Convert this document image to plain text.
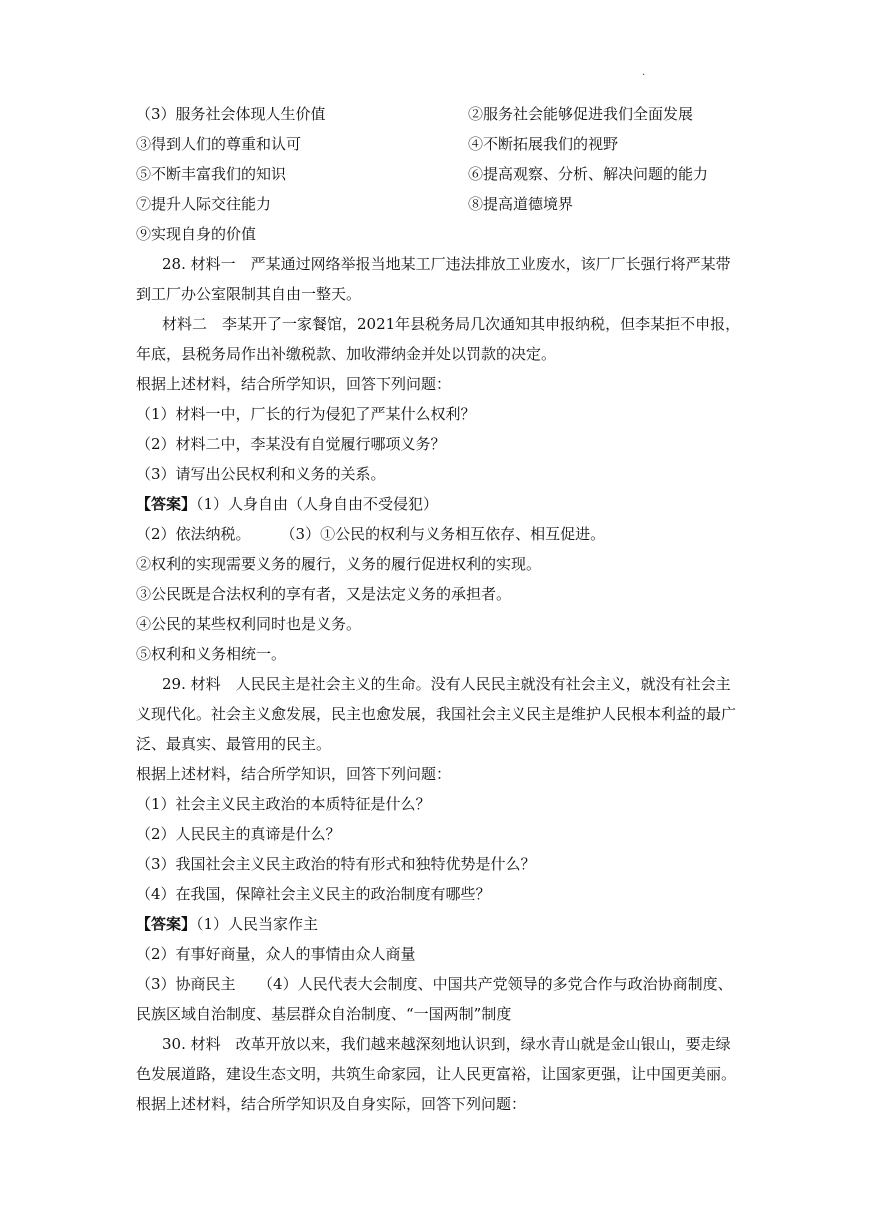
·
（3）服务社会体现人生价值	②服务社会能够促进我们全面发展
③得到人们的尊重和认可	④不断拓展我们的视野
⑤不断丰富我们的知识	⑥提高观察、分析、解决问题的能力
⑦提升人际交往能力	⑧提高道德境界
⑨实现自身的价值
28. 材料一　严某通过网络举报当地某工厂违法排放工业废水，该厂厂长强行将严某带
到工厂办公室限制其自由一整天。
材料二　李某开了一家餐馆，2021年县税务局几次通知其申报纳税，但李某拒不申报，
年底，县税务局作出补缴税款、加收滞纳金并处以罚款的决定。
根据上述材料，结合所学知识，回答下列问题：
（1）材料一中，厂长的行为侵犯了严某什么权利？
（2）材料二中，李某没有自觉履行哪项义务？
（3）请写出公民权利和义务的关系。
【答案】（1）人身自由（人身自由不受侵犯）
（2）依法纳税。　　　（3）①公民的权利与义务相互依存、相互促进。
②权利的实现需要义务的履行，义务的履行促进权利的实现。
③公民既是合法权利的享有者，又是法定义务的承担者。
④公民的某些权利同时也是义务。
⑤权利和义务相统一。
29. 材料　人民民主是社会主义的生命。没有人民民主就没有社会主义，就没有社会主
义现代化。社会主义愈发展，民主也愈发展，我国社会主义民主是维护人民根本利益的最广
泛、最真实、最管用的民主。
根据上述材料，结合所学知识，回答下列问题：
（1）社会主义民主政治的本质特征是什么？
（2）人民民主的真谛是什么？
（3）我国社会主义民主政治的特有形式和独特优势是什么？
（4）在我国，保障社会主义民主的政治制度有哪些？
【答案】（1）人民当家作主
（2）有事好商量，众人的事情由众人商量
（3）协商民主　　（4）人民代表大会制度、中国共产党领导的多党合作与政治协商制度、
民族区域自治制度、基层群众自治制度、“一国两制”制度
30. 材料　改革开放以来，我们越来越深刻地认识到，绿水青山就是金山银山，要走绿
色发展道路，建设生态文明，共筑生命家园，让人民更富裕，让国家更强，让中国更美丽。
根据上述材料，结合所学知识及自身实际，回答下列问题：
